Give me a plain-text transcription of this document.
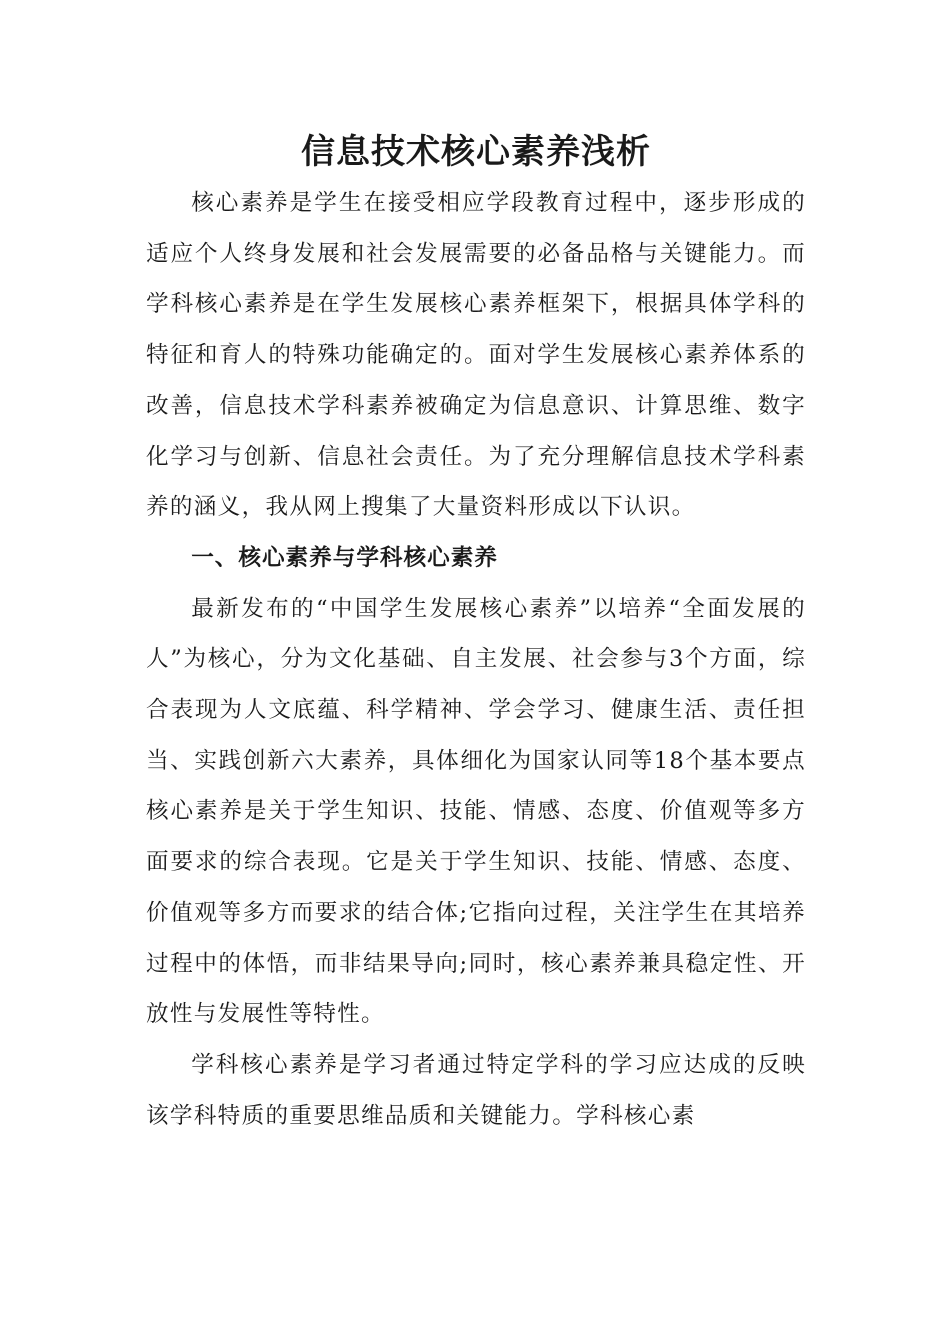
信息技术核心素养浅析

核心素养是学生在接受相应学段教育过程中，逐步形成的适应个人终身发展和社会发展需要的必备品格与关键能力。而学科核心素养是在学生发展核心素养框架下，根据具体学科的特征和育人的特殊功能确定的。面对学生发展核心素养体系的改善，信息技术学科素养被确定为信息意识、计算思维、数字化学习与创新、信息社会责任。为了充分理解信息技术学科素养的涵义，我从网上搜集了大量资料形成以下认识。

一、核心素养与学科核心素养

最新发布的“中国学生发展核心素养”以培养“全面发展的人”为核心，分为文化基础、自主发展、社会参与3个方面，综合表现为人文底蕴、科学精神、学会学习、健康生活、责任担当、实践创新六大素养，具体细化为国家认同等18个基本要点核心素养是关于学生知识、技能、情感、态度、价值观等多方面要求的综合表现。它是关于学生知识、技能、情感、态度、价值观等多方而要求的结合体;它指向过程，关注学生在其培养过程中的体悟，而非结果导向;同时，核心素养兼具稳定性、开放性与发展性等特性。

学科核心素养是学习者通过特定学科的学习应达成的反映该学科特质的重要思维品质和关键能力。学科核心素
